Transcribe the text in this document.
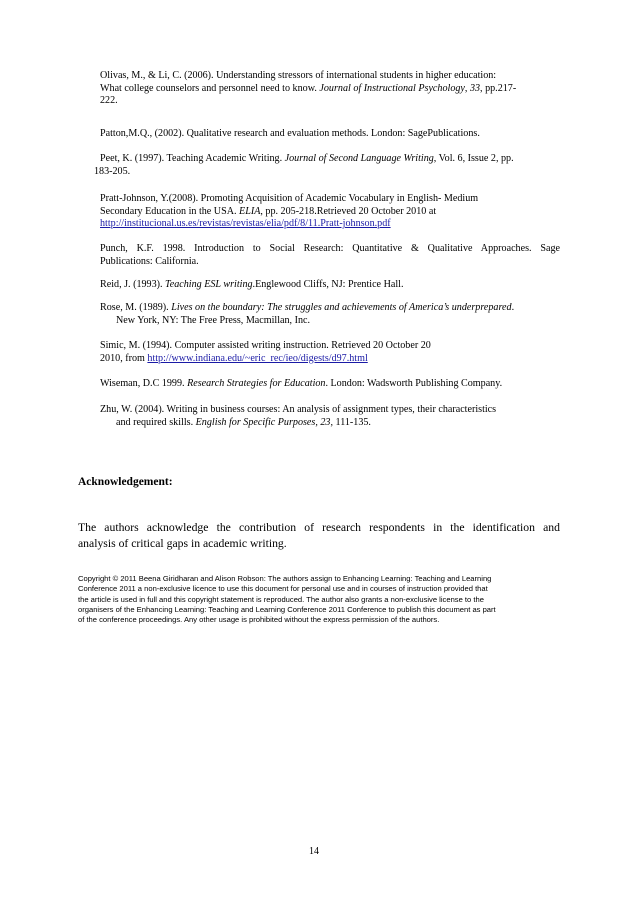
Olivas, M., & Li, C. (2006). Understanding stressors of international students in higher education:
What college counselors and personnel need to know. Journal of Instructional Psychology, 33, pp.217-
222.

Patton,M.Q., (2002). Qualitative research and evaluation methods. London: SagePublications.

Peet, K. (1997). Teaching Academic Writing. Journal of Second Language Writing, Vol. 6, Issue 2, pp.
183-205.

Pratt-Johnson, Y.(2008). Promoting Acquisition of Academic Vocabulary in English- Medium
Secondary Education in the USA. ELIA, pp. 205-218.Retrieved 20 October 2010 at
http://institucional.us.es/revistas/revistas/elia/pdf/8/11.Pratt-johnson.pdf

Punch, K.F. 1998. Introduction to Social Research: Quantitative & Qualitative Approaches. Sage
Publications: California.

Reid, J. (1993). Teaching ESL writing.Englewood Cliffs, NJ: Prentice Hall.

Rose, M. (1989). Lives on the boundary: The struggles and achievements of America’s underprepared.
New York, NY: The Free Press, Macmillan, Inc.

Simic, M. (1994). Computer assisted writing instruction. Retrieved 20 October 20
2010, from http://www.indiana.edu/~eric_rec/ieo/digests/d97.html

Wiseman, D.C 1999. Research Strategies for Education. London: Wadsworth Publishing Company.

Zhu, W. (2004). Writing in business courses: An analysis of assignment types, their characteristics
and required skills. English for Specific Purposes, 23, 111-135.

Acknowledgement:

The authors acknowledge the contribution of research respondents in the identification and
analysis of critical gaps in academic writing.

Copyright © 2011 Beena Giridharan and Alison Robson: The authors assign to Enhancing Learning: Teaching and Learning
Conference 2011 a non-exclusive licence to use this document for personal use and in courses of instruction provided that
the article is used in full and this copyright statement is reproduced. The author also grants a non-exclusive license to the
organisers of the Enhancing Learning: Teaching and Learning Conference 2011 Conference to publish this document as part
of the conference proceedings. Any other usage is prohibited without the express permission of the authors.

14
